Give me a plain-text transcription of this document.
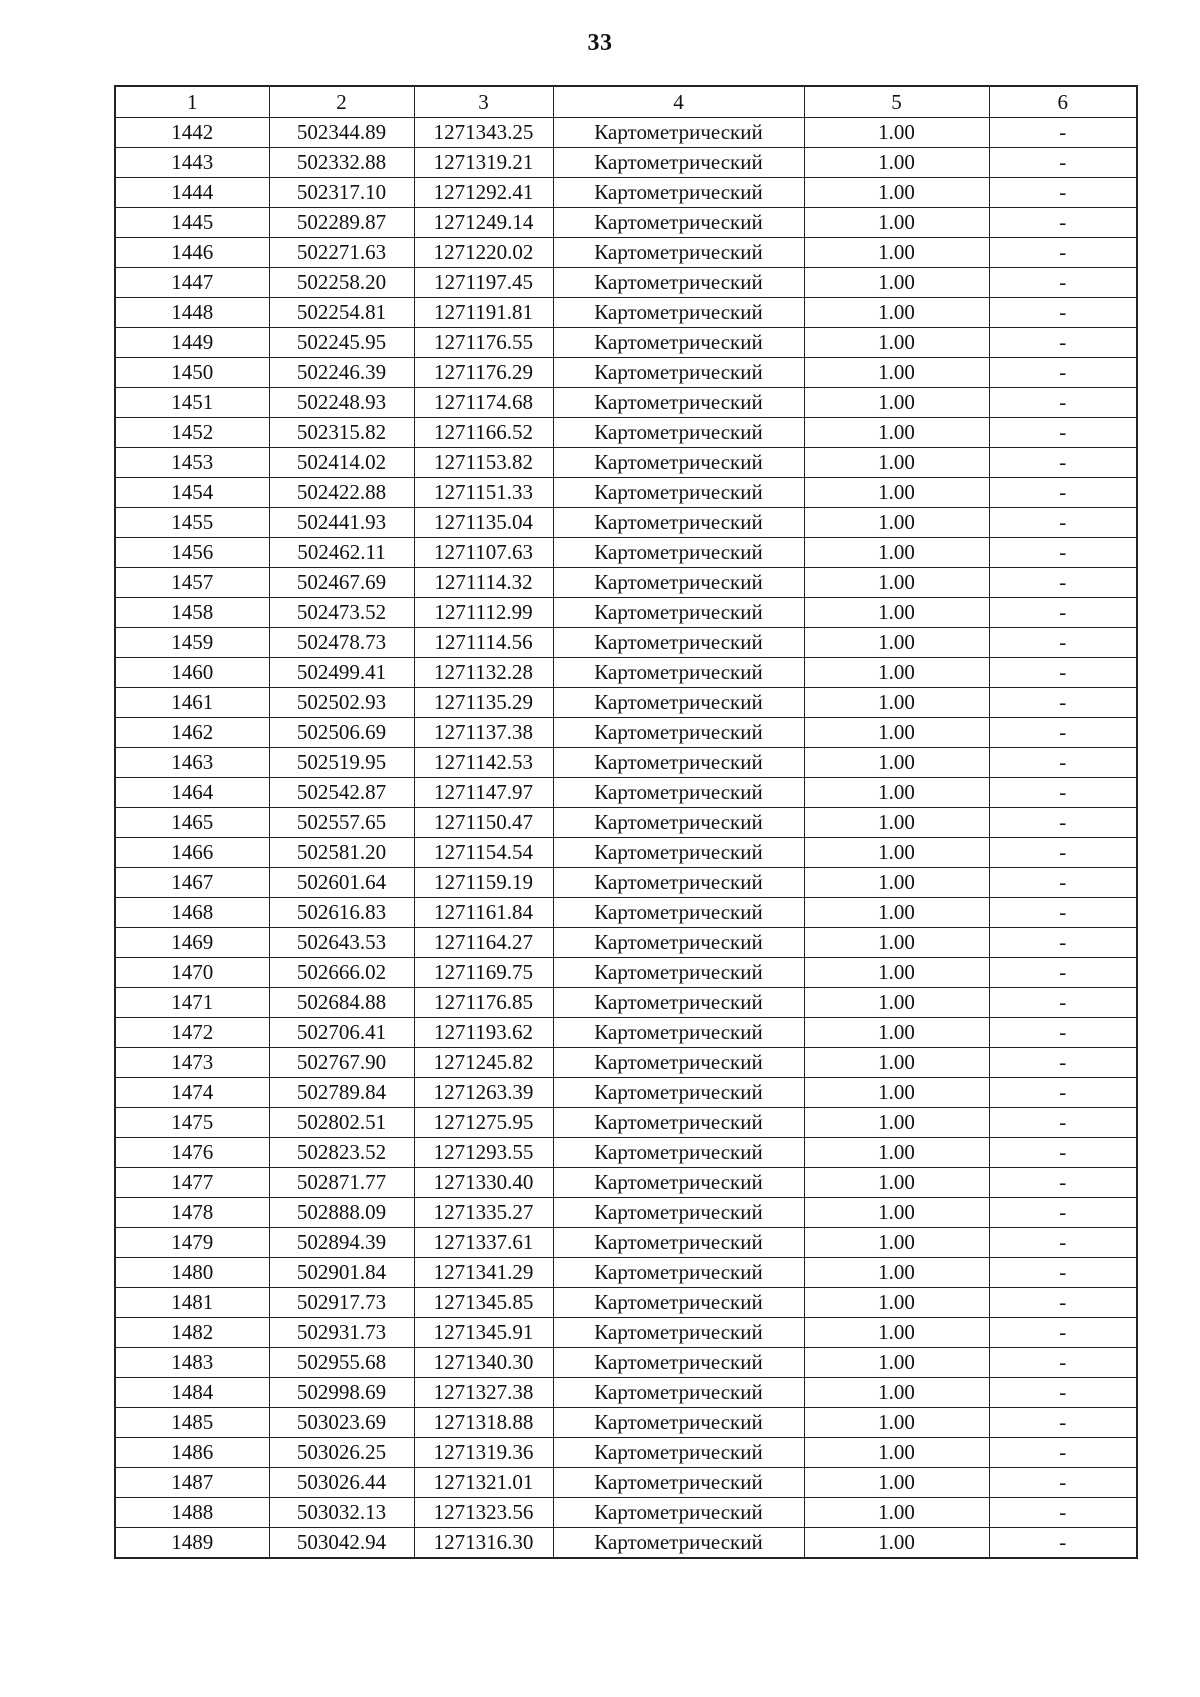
33
1	2	3	4	5	6
1442	502344.89	1271343.25	Картометрический	1.00	-
1443	502332.88	1271319.21	Картометрический	1.00	-
1444	502317.10	1271292.41	Картометрический	1.00	-
1445	502289.87	1271249.14	Картометрический	1.00	-
1446	502271.63	1271220.02	Картометрический	1.00	-
1447	502258.20	1271197.45	Картометрический	1.00	-
1448	502254.81	1271191.81	Картометрический	1.00	-
1449	502245.95	1271176.55	Картометрический	1.00	-
1450	502246.39	1271176.29	Картометрический	1.00	-
1451	502248.93	1271174.68	Картометрический	1.00	-
1452	502315.82	1271166.52	Картометрический	1.00	-
1453	502414.02	1271153.82	Картометрический	1.00	-
1454	502422.88	1271151.33	Картометрический	1.00	-
1455	502441.93	1271135.04	Картометрический	1.00	-
1456	502462.11	1271107.63	Картометрический	1.00	-
1457	502467.69	1271114.32	Картометрический	1.00	-
1458	502473.52	1271112.99	Картометрический	1.00	-
1459	502478.73	1271114.56	Картометрический	1.00	-
1460	502499.41	1271132.28	Картометрический	1.00	-
1461	502502.93	1271135.29	Картометрический	1.00	-
1462	502506.69	1271137.38	Картометрический	1.00	-
1463	502519.95	1271142.53	Картометрический	1.00	-
1464	502542.87	1271147.97	Картометрический	1.00	-
1465	502557.65	1271150.47	Картометрический	1.00	-
1466	502581.20	1271154.54	Картометрический	1.00	-
1467	502601.64	1271159.19	Картометрический	1.00	-
1468	502616.83	1271161.84	Картометрический	1.00	-
1469	502643.53	1271164.27	Картометрический	1.00	-
1470	502666.02	1271169.75	Картометрический	1.00	-
1471	502684.88	1271176.85	Картометрический	1.00	-
1472	502706.41	1271193.62	Картометрический	1.00	-
1473	502767.90	1271245.82	Картометрический	1.00	-
1474	502789.84	1271263.39	Картометрический	1.00	-
1475	502802.51	1271275.95	Картометрический	1.00	-
1476	502823.52	1271293.55	Картометрический	1.00	-
1477	502871.77	1271330.40	Картометрический	1.00	-
1478	502888.09	1271335.27	Картометрический	1.00	-
1479	502894.39	1271337.61	Картометрический	1.00	-
1480	502901.84	1271341.29	Картометрический	1.00	-
1481	502917.73	1271345.85	Картометрический	1.00	-
1482	502931.73	1271345.91	Картометрический	1.00	-
1483	502955.68	1271340.30	Картометрический	1.00	-
1484	502998.69	1271327.38	Картометрический	1.00	-
1485	503023.69	1271318.88	Картометрический	1.00	-
1486	503026.25	1271319.36	Картометрический	1.00	-
1487	503026.44	1271321.01	Картометрический	1.00	-
1488	503032.13	1271323.56	Картометрический	1.00	-
1489	503042.94	1271316.30	Картометрический	1.00	-
